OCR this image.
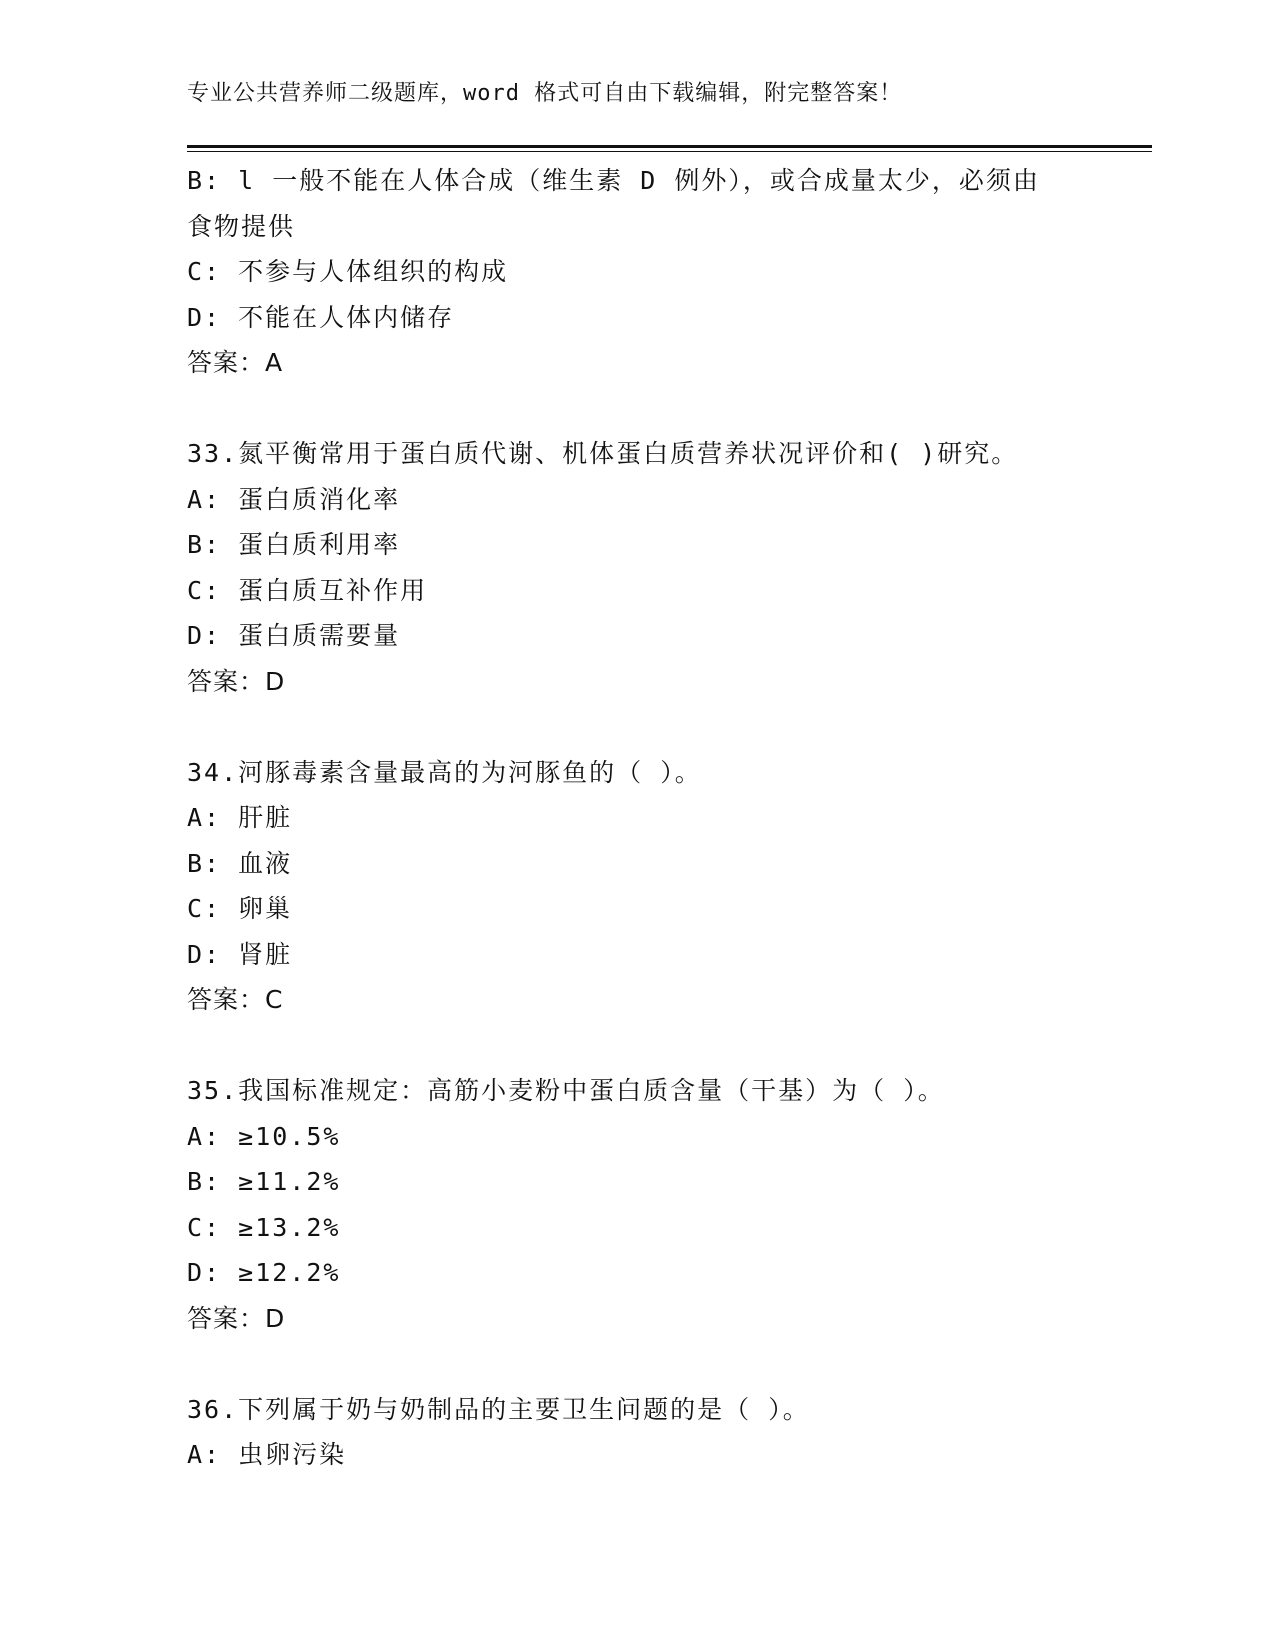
专业公共营养师二级题库，word 格式可自由下载编辑，附完整答案！
B: l 一般不能在人体合成（维生素 D 例外），或合成量太少，必须由
食物提供
C: 不参与人体组织的构成
D: 不能在人体内储存
答案：A
33.氮平衡常用于蛋白质代谢、机体蛋白质营养状况评价和( )研究。
A: 蛋白质消化率
B: 蛋白质利用率
C: 蛋白质互补作用
D: 蛋白质需要量
答案：D
34.河豚毒素含量最高的为河豚鱼的（ ）。
A: 肝脏
B: 血液
C: 卵巢
D: 肾脏
答案：C
35.我国标准规定：高筋小麦粉中蛋白质含量（干基）为（ ）。
A: ≥10.5%
B: ≥11.2%
C: ≥13.2%
D: ≥12.2%
答案：D
36.下列属于奶与奶制品的主要卫生问题的是（ ）。
A: 虫卵污染
